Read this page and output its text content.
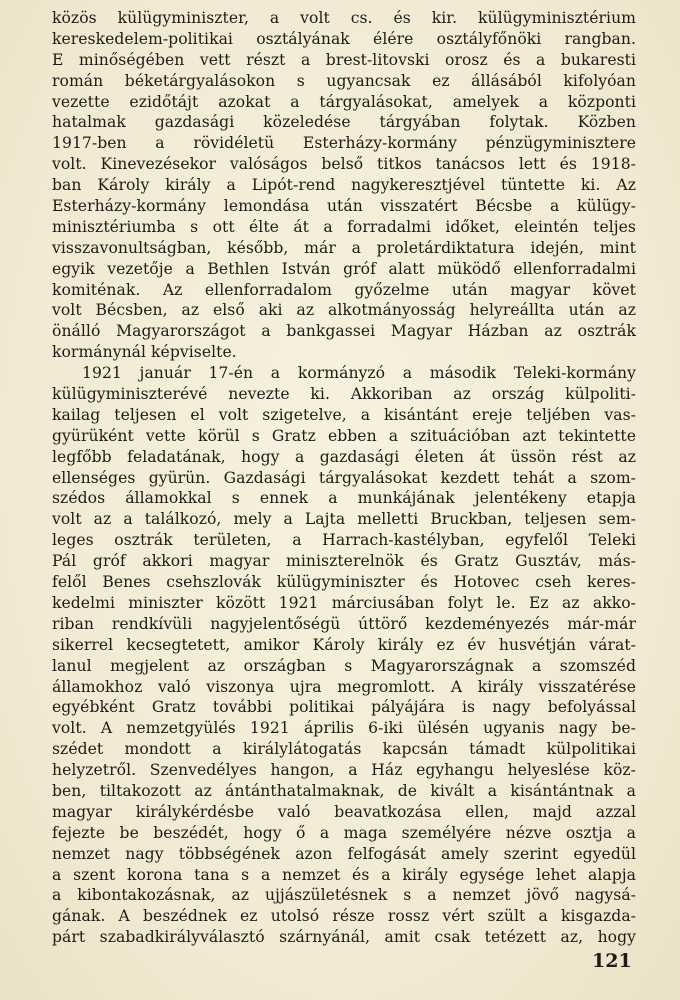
közös külügyminiszter, a volt cs. és kir. külügyminisztérium
kereskedelem-politikai osztályának élére osztályfőnöki rangban.
E minőségében vett részt a brest-litovski orosz és a bukaresti
román béketárgyalásokon s ugyancsak ez állásából kifolyóan
vezette ezidőtájt azokat a tárgyalásokat, amelyek a központi
hatalmak gazdasági közeledése tárgyában folytak. Közben
1917-ben a rövidéletü Esterházy-kormány pénzügyminisztere
volt. Kinevezésekor valóságos belső titkos tanácsos lett és 1918-
ban Károly király a Lipót-rend nagykeresztjével tüntette ki. Az
Esterházy-kormány lemondása után visszatért Bécsbe a külügy-
minisztériumba s ott élte át a forradalmi időket, eleintén teljes
visszavonultságban, később, már a proletárdiktatura idején, mint
egyik vezetője a Bethlen István gróf alatt müködő ellenforradalmi
komiténak. Az ellenforradalom győzelme után magyar követ
volt Bécsben, az első aki az alkotmányosság helyreállta után az
önálló Magyarországot a bankgassei Magyar Házban az osztrák
kormánynál képviselte.
1921 január 17-én a kormányzó a második Teleki-kormány
külügyminiszterévé nevezte ki. Akkoriban az ország külpoliti-
kailag teljesen el volt szigetelve, a kisántánt ereje teljében vas-
gyürüként vette körül s Gratz ebben a szituációban azt tekintette
legfőbb feladatának, hogy a gazdasági életen át üssön rést az
ellenséges gyürün. Gazdasági tárgyalásokat kezdett tehát a szom-
szédos államokkal s ennek a munkájának jelentékeny etapja
volt az a találkozó, mely a Lajta melletti Bruckban, teljesen sem-
leges osztrák területen, a Harrach-kastélyban, egyfelől Teleki
Pál gróf akkori magyar miniszterelnök és Gratz Gusztáv, más-
felől Benes csehszlovák külügyminiszter és Hotovec cseh keres-
kedelmi miniszter között 1921 márciusában folyt le. Ez az akko-
riban rendkívüli nagyjelentőségü úttörő kezdeményezés már-már
sikerrel kecsegtetett, amikor Károly király ez év husvétján várat-
lanul megjelent az országban s Magyarországnak a szomszéd
államokhoz való viszonya ujra megromlott. A király visszatérése
egyébként Gratz további politikai pályájára is nagy befolyással
volt. A nemzetgyülés 1921 április 6-iki ülésén ugyanis nagy be-
szédet mondott a királylátogatás kapcsán támadt külpolitikai
helyzetről. Szenvedélyes hangon, a Ház egyhangu helyeslése köz-
ben, tiltakozott az ántánthatalmaknak, de kivált a kisántántnak a
magyar királykérdésbe való beavatkozása ellen, majd azzal
fejezte be beszédét, hogy ő a maga személyére nézve osztja a
nemzet nagy többségének azon felfogását amely szerint egyedül
a szent korona tana s a nemzet és a király egysége lehet alapja
a kibontakozásnak, az ujjászületésnek s a nemzet jövő nagysá-
gának. A beszédnek ez utolsó része rossz vért szült a kisgazda-
párt szabadkirályválasztó szárnyánál, amit csak tetézett az, hogy
121
